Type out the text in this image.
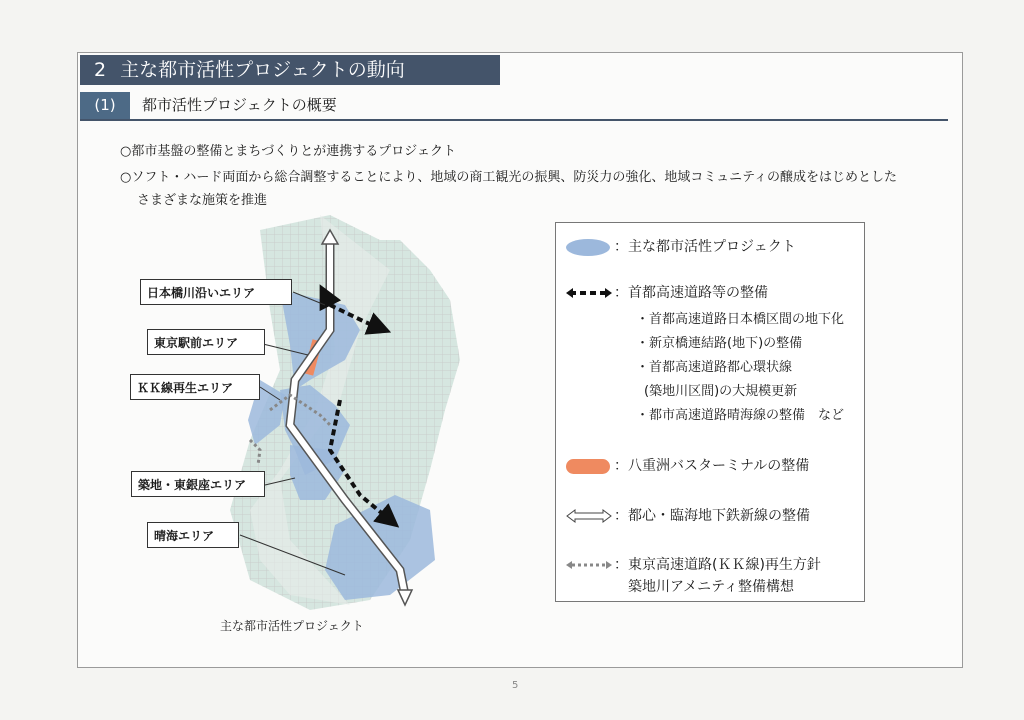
2 主な都市活性プロジェクトの動向
(1)	都市活性プロジェクトの概要
○都市基盤の整備とまちづくりとが連携するプロジェクト
○ソフト・ハード両面から総合調整することにより、地域の商工観光の振興、防災力の強化、地域コミュニティの醸成をはじめとした
さまざまな施策を推進
日本橋川沿いエリア
東京駅前エリア
ＫＫ線再生エリア
築地・東銀座エリア
晴海エリア
主な都市活性プロジェクト
：主な都市活性プロジェクト
：首都高速道路等の整備
・首都高速道路日本橋区間の地下化
・新京橋連結路(地下)の整備
・首都高速道路都心環状線
(築地川区間)の大規模更新
・都市高速道路晴海線の整備　など
：八重洲バスターミナルの整備
：都心・臨海地下鉄新線の整備
：東京高速道路(ＫＫ線)再生方針
築地川アメニティ整備構想
5
